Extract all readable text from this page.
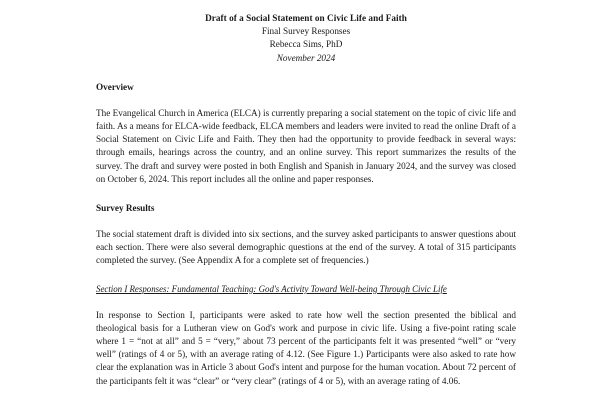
Draft of a Social Statement on Civic Life and Faith
Final Survey Responses
Rebecca Sims, PhD
November 2024
Overview

The Evangelical Church in America (ELCA) is currently preparing a social statement on the topic of civic life and faith. As a means for ELCA-wide feedback, ELCA members and leaders were invited to read the online Draft of a Social Statement on Civic Life and Faith. They then had the opportunity to provide feedback in several ways: through emails, hearings across the country, and an online survey. This report summarizes the results of the survey. The draft and survey were posted in both English and Spanish in January 2024, and the survey was closed on October 6, 2024. This report includes all the online and paper responses.

Survey Results

The social statement draft is divided into six sections, and the survey asked participants to answer questions about each section. There were also several demographic questions at the end of the survey. A total of 315 participants completed the survey. (See Appendix A for a complete set of frequencies.)

Section I Responses: Fundamental Teaching: God's Activity Toward Well-being Through Civic Life

In response to Section I, participants were asked to rate how well the section presented the biblical and theological basis for a Lutheran view on God's work and purpose in civic life. Using a five-point rating scale where 1 = “not at all” and 5 = “very,” about 73 percent of the participants felt it was presented “well” or “very well” (ratings of 4 or 5), with an average rating of 4.12. (See Figure 1.) Participants were also asked to rate how clear the explanation was in Article 3 about God's intent and purpose for the human vocation. About 72 percent of the participants felt it was “clear” or “very clear” (ratings of 4 or 5), with an average rating of 4.06.
